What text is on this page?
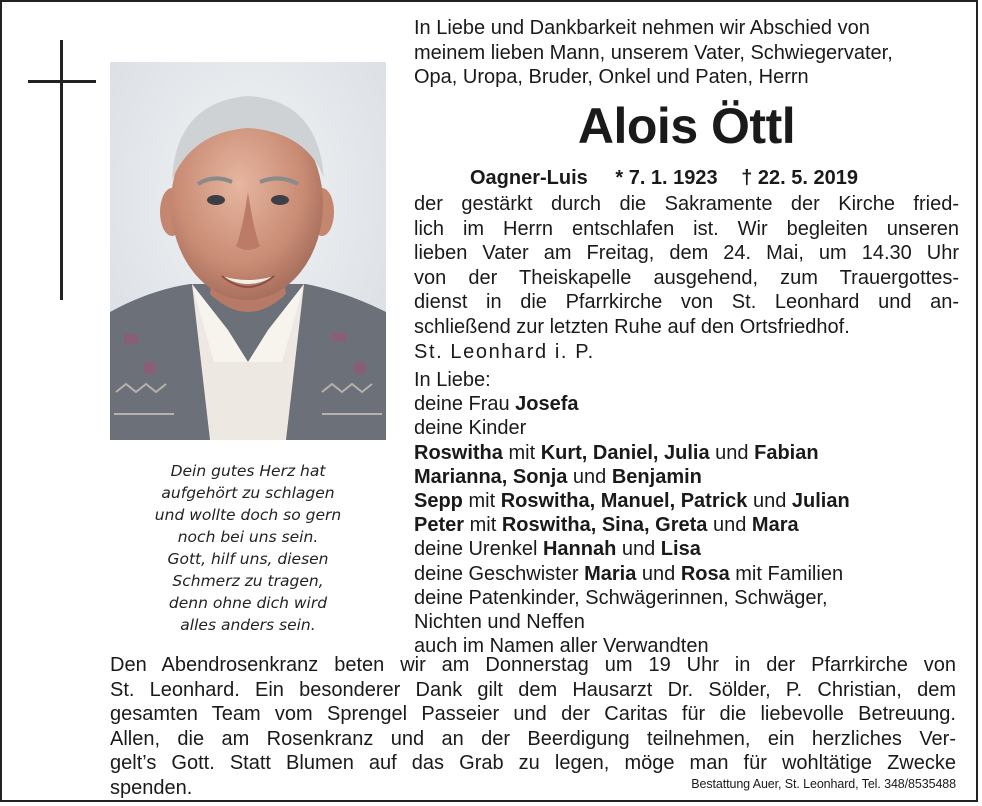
Dein gutes Herz hat
aufgehört zu schlagen
und wollte doch so gern
noch bei uns sein.
Gott, hilf uns, diesen
Schmerz zu tragen,
denn ohne dich wird
alles anders sein.
In Liebe und Dankbarkeit nehmen wir Abschied von
meinem lieben Mann, unserem Vater, Schwiegervater,
Opa, Uropa, Bruder, Onkel und Paten, Herrn
Alois Öttl
Oagner-Luis * 7. 1. 1923 † 22. 5. 2019
der gestärkt durch die Sakramente der Kirche fried-
lich im Herrn entschlafen ist. Wir begleiten unseren
lieben Vater am Freitag, dem 24. Mai, um 14.30 Uhr
von der Theiskapelle ausgehend, zum Trauergottes-
dienst in die Pfarrkirche von St. Leonhard und an-
schließend zur letzten Ruhe auf den Ortsfriedhof.
St. Leonhard i. P.
In Liebe:
deine Frau Josefa
deine Kinder
Roswitha mit Kurt, Daniel, Julia und Fabian
Marianna, Sonja und Benjamin
Sepp mit Roswitha, Manuel, Patrick und Julian
Peter mit Roswitha, Sina, Greta und Mara
deine Urenkel Hannah und Lisa
deine Geschwister Maria und Rosa mit Familien
deine Patenkinder, Schwägerinnen, Schwäger,
Nichten und Neffen
auch im Namen aller Verwandten
Den Abendrosenkranz beten wir am Donnerstag um 19 Uhr in der Pfarrkirche von
St. Leonhard. Ein besonderer Dank gilt dem Hausarzt Dr. Sölder, P. Christian, dem
gesamten Team vom Sprengel Passeier und der Caritas für die liebevolle Betreuung.
Allen, die am Rosenkranz und an der Beerdigung teilnehmen, ein herzliches Ver-
gelt’s Gott. Statt Blumen auf das Grab zu legen, möge man für wohltätige Zwecke
spenden.	Bestattung Auer, St. Leonhard, Tel. 348/8535488
